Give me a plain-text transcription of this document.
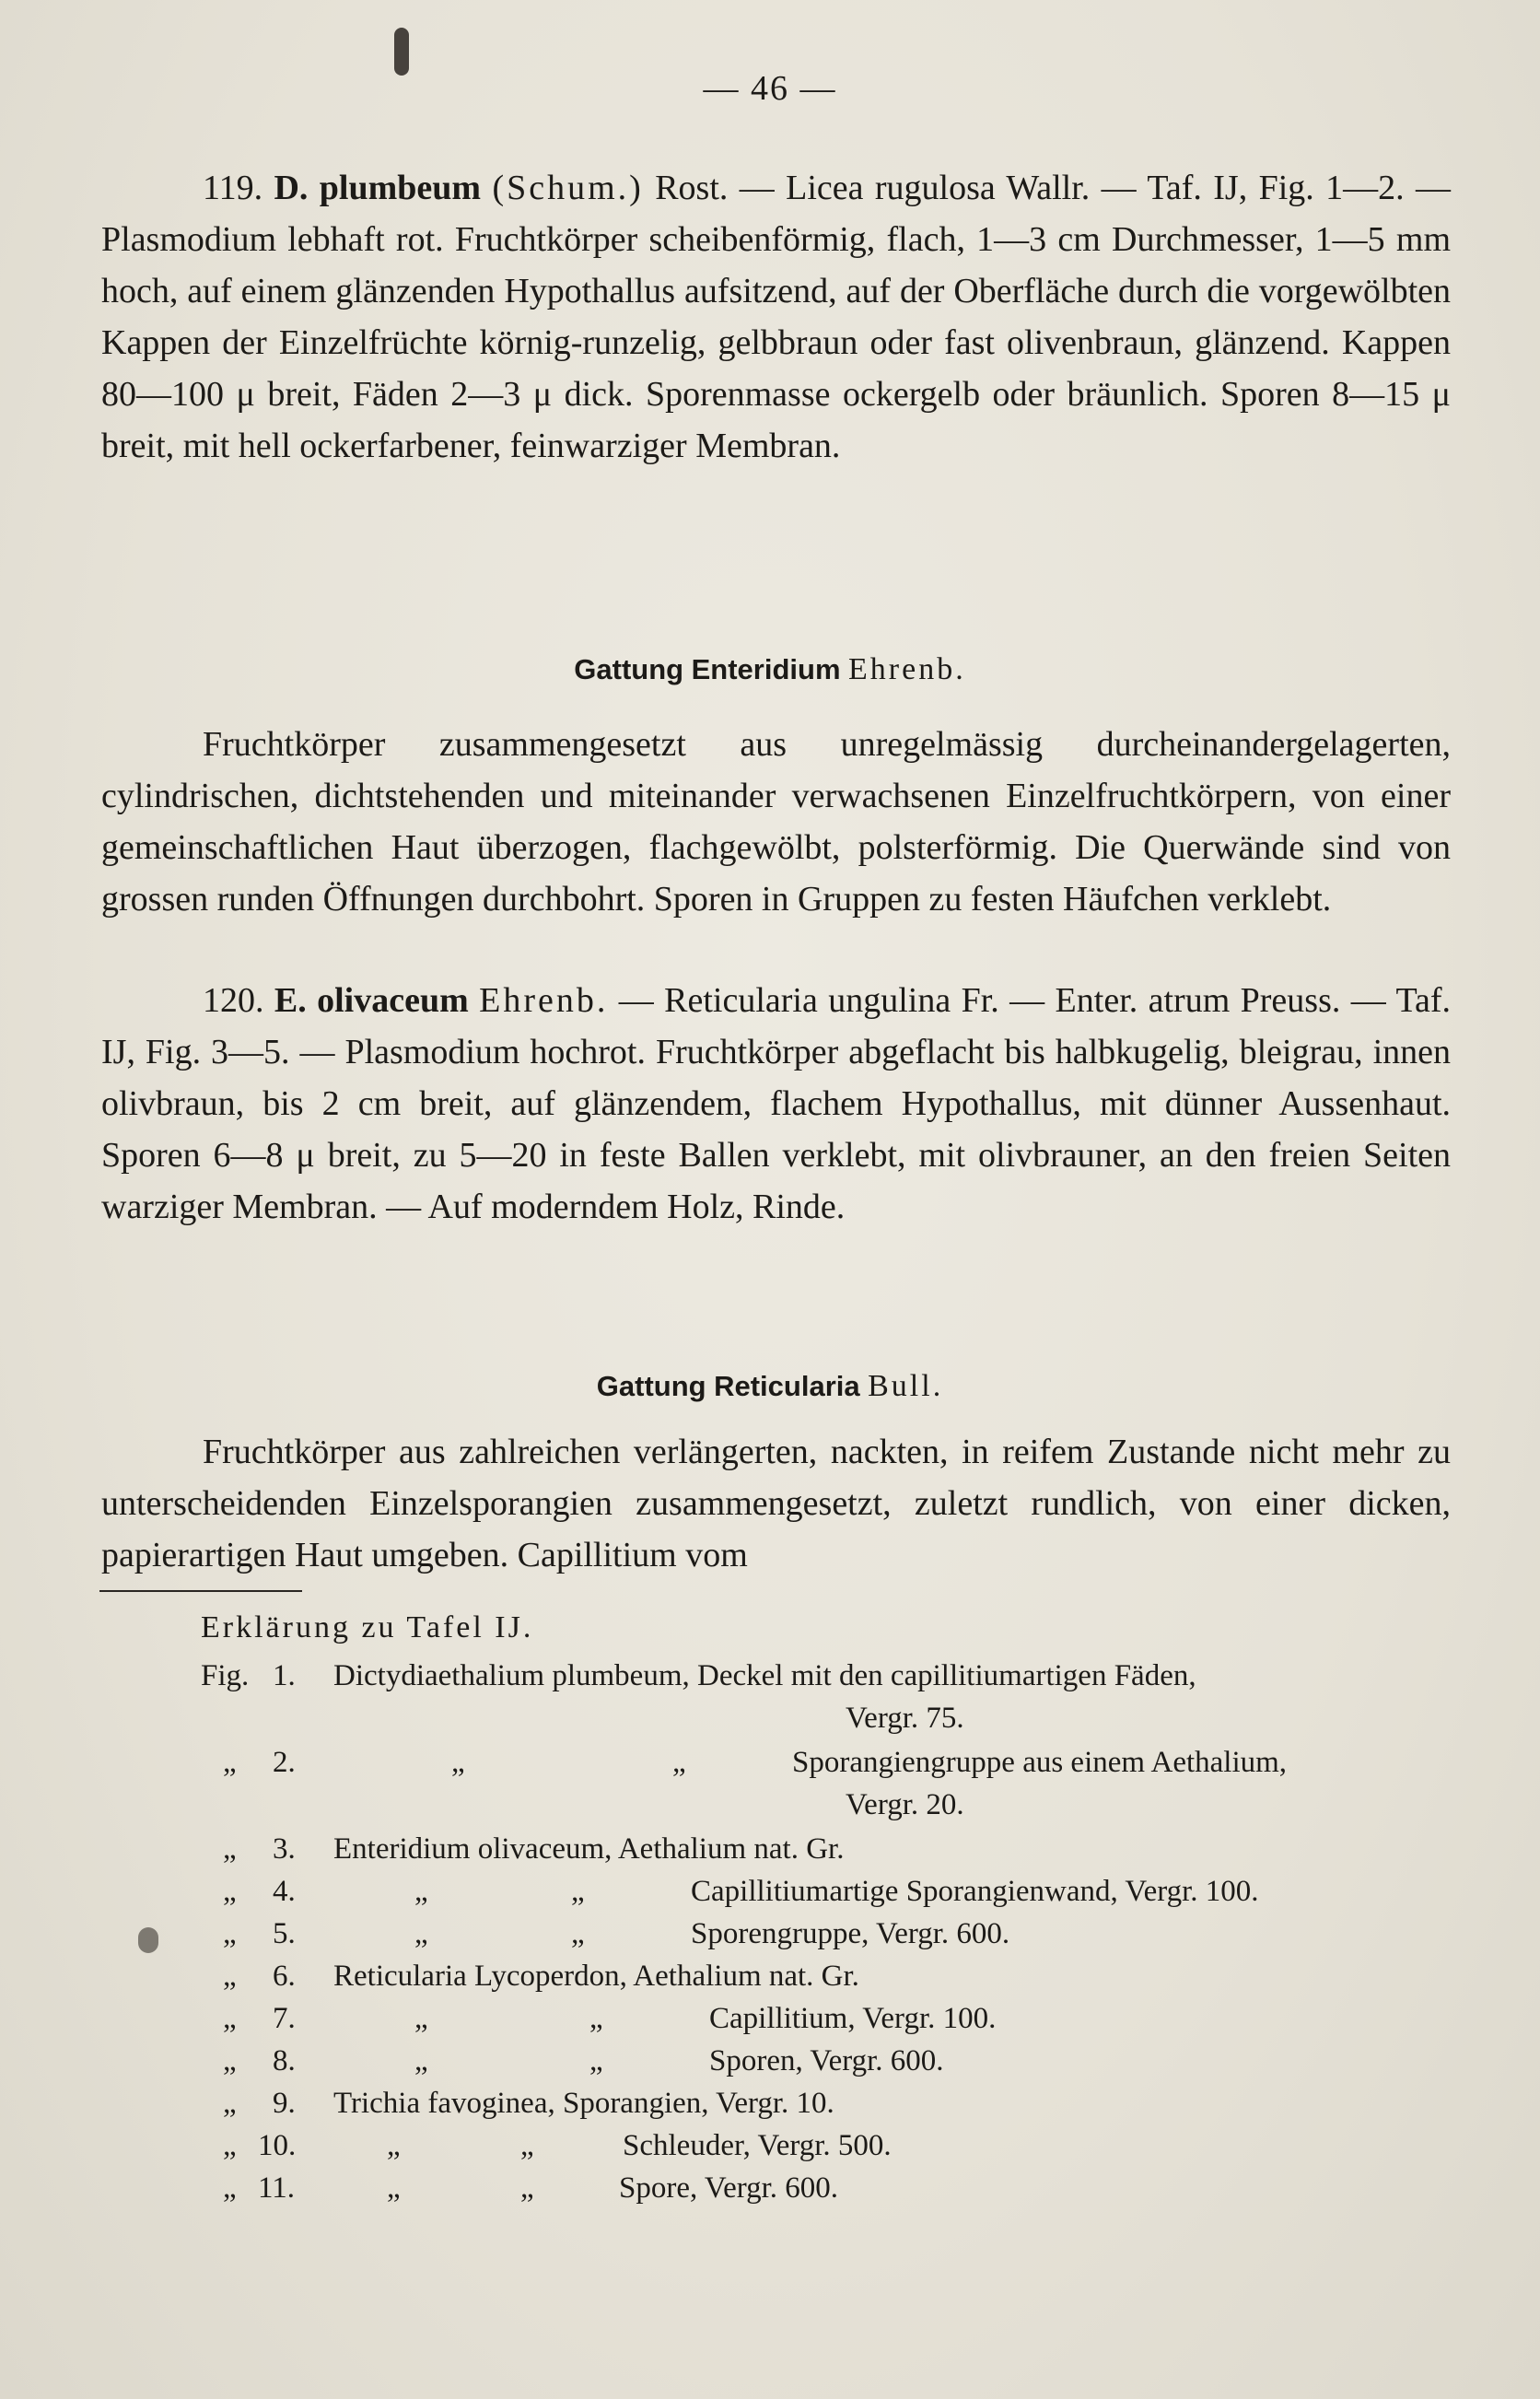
— 46 —

119. D. plumbeum (Schum.) Rost. — Licea rugulosa Wallr. — Taf. IJ, Fig. 1—2. — Plasmodium lebhaft rot. Fruchtkörper scheibenförmig, flach, 1—3 cm Durchmesser, 1—5 mm hoch, auf einem glänzenden Hypothallus aufsitzend, auf der Oberfläche durch die vorgewölbten Kappen der Einzelfrüchte körnig-runzelig, gelbbraun oder fast olivenbraun, glänzend. Kappen 80—100 μ breit, Fäden 2—3 μ dick. Sporenmasse ockergelb oder bräunlich. Sporen 8—15 μ breit, mit hell ockerfarbener, feinwarziger Membran.

Gattung Enteridium Ehrenb.

Fruchtkörper zusammengesetzt aus unregelmässig durcheinandergelagerten, cylindrischen, dichtstehenden und miteinander verwachsenen Einzelfruchtkörpern, von einer gemeinschaftlichen Haut überzogen, flachgewölbt, polsterförmig. Die Querwände sind von grossen runden Öffnungen durchbohrt. Sporen in Gruppen zu festen Häufchen verklebt.

120. E. olivaceum Ehrenb. — Reticularia ungulina Fr. — Enter. atrum Preuss. — Taf. IJ, Fig. 3—5. — Plasmodium hochrot. Fruchtkörper abgeflacht bis halbkugelig, bleigrau, innen olivbraun, bis 2 cm breit, auf glänzendem, flachem Hypothallus, mit dünner Aussenhaut. Sporen 6—8 μ breit, zu 5—20 in feste Ballen verklebt, mit olivbrauner, an den freien Seiten warziger Membran. — Auf moderndem Holz, Rinde.

Gattung Reticularia Bull.

Fruchtkörper aus zahlreichen verlängerten, nackten, in reifem Zustande nicht mehr zu unterscheidenden Einzelsporangien zusammengesetzt, zuletzt rundlich, von einer dicken, papierartigen Haut umgeben. Capillitium vom

Erklärung zu Tafel IJ.
Fig. 1. Dictydiaethalium plumbeum, Deckel mit den capillitiumartigen Fäden,
Vergr. 75.
„ 2.	„	„	Sporangiengruppe aus einem Aethalium,
Vergr. 20.
„ 3. Enteridium olivaceum, Aethalium nat. Gr.
„ 4.	„	„	Capillitiumartige Sporangienwand, Vergr. 100.
„ 5.	„	„	Sporengruppe, Vergr. 600.
„ 6. Reticularia Lycoperdon, Aethalium nat. Gr.
„ 7.	„	„	Capillitium, Vergr. 100.
„ 8.	„	„	Sporen, Vergr. 600.
„ 9. Trichia favoginea, Sporangien, Vergr. 10.
„ 10.	„	„	Schleuder, Vergr. 500.
„ 11.	„	„	Spore, Vergr. 600.
